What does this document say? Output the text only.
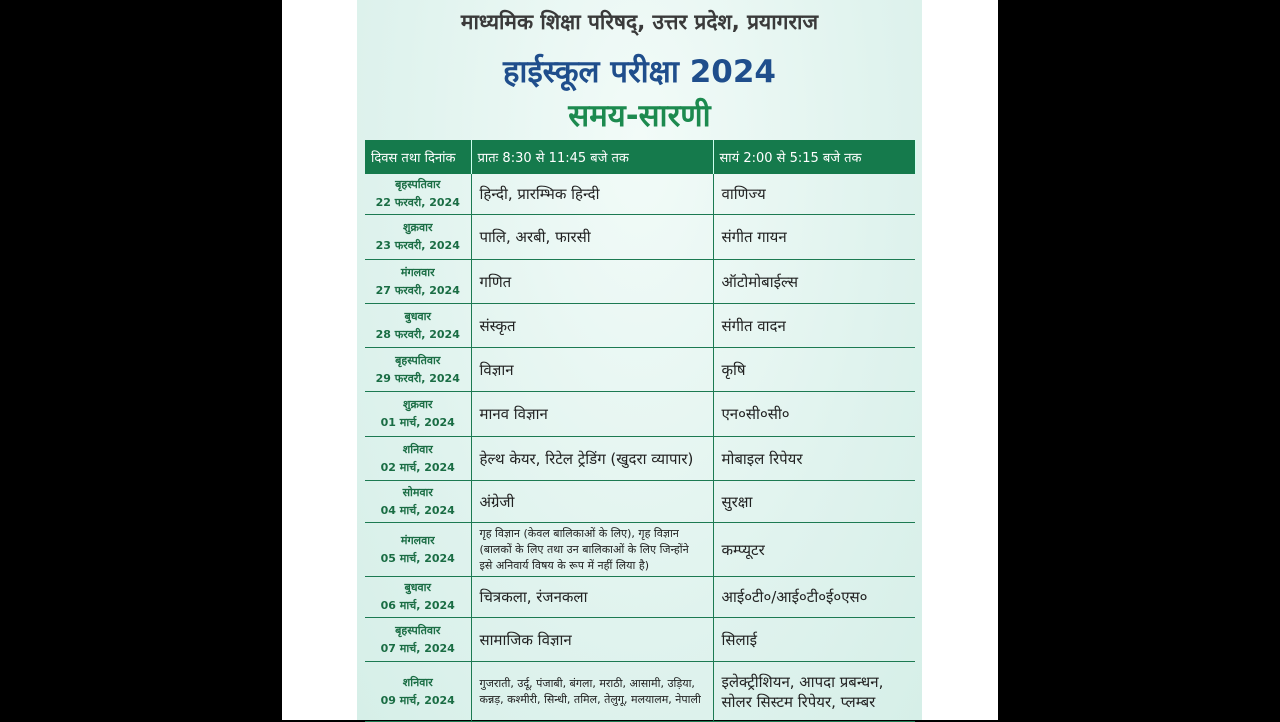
माध्यमिक शिक्षा परिषद्, उत्तर प्रदेश, प्रयागराज
हाईस्कूल परीक्षा 2024
समय-सारणी
दिवस तथा दिनांक	प्रातः 8:30 से 11:45 बजे तक	सायं 2:00 से 5:15 बजे तक

बृहस्पतिवार
22 फरवरी, 2024	हिन्दी, प्रारम्भिक हिन्दी	वाणिज्य

शुक्रवार
23 फरवरी, 2024	पालि, अरबी, फारसी	संगीत गायन

मंगलवार
27 फरवरी, 2024	गणित	ऑटोमोबाईल्स

बुधवार
28 फरवरी, 2024	संस्कृत	संगीत वादन

बृहस्पतिवार
29 फरवरी, 2024	विज्ञान	कृषि

शुक्रवार
01 मार्च, 2024	मानव विज्ञान	एन०सी०सी०

शनिवार
02 मार्च, 2024	हेल्थ केयर, रिटेल ट्रेडिंग (खुदरा व्यापार)	मोबाइल रिपेयर

सोमवार
04 मार्च, 2024	अंग्रेजी	सुरक्षा

मंगलवार
05 मार्च, 2024	गृह विज्ञान (केवल बालिकाओं के लिए), गृह विज्ञान (बालकों के लिए तथा उन बालिकाओं के लिए जिन्होंने इसे अनिवार्य विषय के रूप में नहीं लिया है)	कम्प्यूटर

बुधवार
06 मार्च, 2024	चित्रकला, रंजनकला	आई०टी०/आई०टी०ई०एस०

बृहस्पतिवार
07 मार्च, 2024	सामाजिक विज्ञान	सिलाई

शनिवार
09 मार्च, 2024	गुजराती, उर्दू, पंजाबी, बंगला, मराठी, आसामी, उड़िया, कन्नड़, कश्मीरी, सिन्धी, तमिल, तेलुगू, मलयालम, नेपाली	इलेक्ट्रीशियन, आपदा प्रबन्धन, सोलर सिस्टम रिपेयर, प्लम्बर
